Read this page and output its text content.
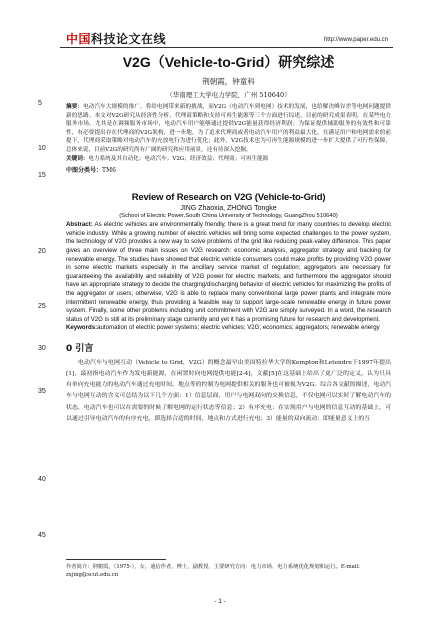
中国科技论文在线	http://www.paper.edu.cn
5
10
15
20
25
30
35
40
45
V2G（Vehicle-to-Grid）研究综述
荆朝霞，钟童科
（华南理工大学电力学院，广州 510640）
摘要：电动汽车大规模的推广，将给电网带来新的挑战，而V2G（电动汽车到电网）技术的发展，也给解决峰谷差等电网问题提供新的思路。本文对V2G研究从经济性分析、代理商策略和支持可再生能源等三个方面进行综述。目前的研究成果表明，在某些电力服务市场，尤其是在调频服务市场中，电动汽车用户能够通过提供V2G能量获得经济利润；为保证提供辅助服务的有效性和可靠性，有必要提出存在代理商的V2G架构，进一步地，为了追求代理商或者电动汽车用户的利益最大化，在满足用户和电网需求的前提下，代理商采取策略对电动汽车的充放电行为进行优化；此外，V2G技术也为可再生能源规模的进一步扩大提供了可行性保障，总体来说，目前V2G的研究尚有广阔的研究和应用前景，还有待深入挖掘。
关键词：电力系统及其自动化；电动汽车；V2G；经济效益；代理商；可再生能源
中图分类号：TM6
Review of Research on V2G (Vehicle-to-Grid)
JING Zhaoxia, ZHONG Tongke
(School of Electric Power,South China University of Technology, GuangZhou 510640)
Abstract: As electric vehicles are environmentally friendly, there is a great trend for many countries to develop electric vehicle industry. While a growing number of electric vehicles will bring some expected challenges to the power system, the technology of V2G provides a new way to solve problems of the grid like reducing peak-valley difference. This paper gives an overview of three main issues on V2G research: economic analysis, aggregator strategy and backing for renewable energy. The studies have showed that electric vehicle consumers could make profits by providing V2G power in some electric markets especially in the ancillary service market of regulation; aggregators are necessary for guaranteeing the availability and reliability of V2G power for electric markets, and furthermore the aggregator should have an appropriate strategy to decide the charging/discharging behavior of electric vehicles for maximizing the profits of the aggregator or users; otherwise, V2G is able to replace many conventional large power plants and integrate more intermittent renewable energy, thus providing a feasible way to support large-scale renewable energy in future power system. Finally, some other problems including unit commitment with V2G are simply surveyed. In a word, the research status of V2G is still at its preliminary stage currently and yet it has a promising future for research and development.
Keywords:automation of electric power systems; electric vehicles; V2G; economics; aggregators; renewable energy
0 引言
电动汽车与电网互动（Vehicle to Grid，V2G）的概念最早由美国特拉华大学的Kempton和Letendre于1997年提出[1]，最初指电动汽车作为发电新能源，在闲置时向电网提供电能[2-4]，文献[5]在这基础上给出了更广泛的定义，认为只具有单向充电能力的电动汽车通过充电时间、地点等的控制为电网提供相关的服务也可被视为V2G。综合各文献的描述，电动汽车与电网互动的含义可总结为以下几个方面：1）信息层面，用户与电网双向的交换信息，不仅电网可以实时了解电动汽车的状态，电动汽车也可以在需要的时候了解电网的运行状态等信息；2）有序充电：在实现用户与电网的信息互动的基础上，可以通过引导电动汽车的有序充电，即选择合适的时间、地点和方式进行充电；3）能量的双向流动：即能量意义上的互
作者简介：荆朝霞，（1975-），女，通信作者，博士，副教授，主要研究方向：电力市场、电力系统优化规划和运行。E-mail: zxjing@scut.edu.cn
- 1 -
